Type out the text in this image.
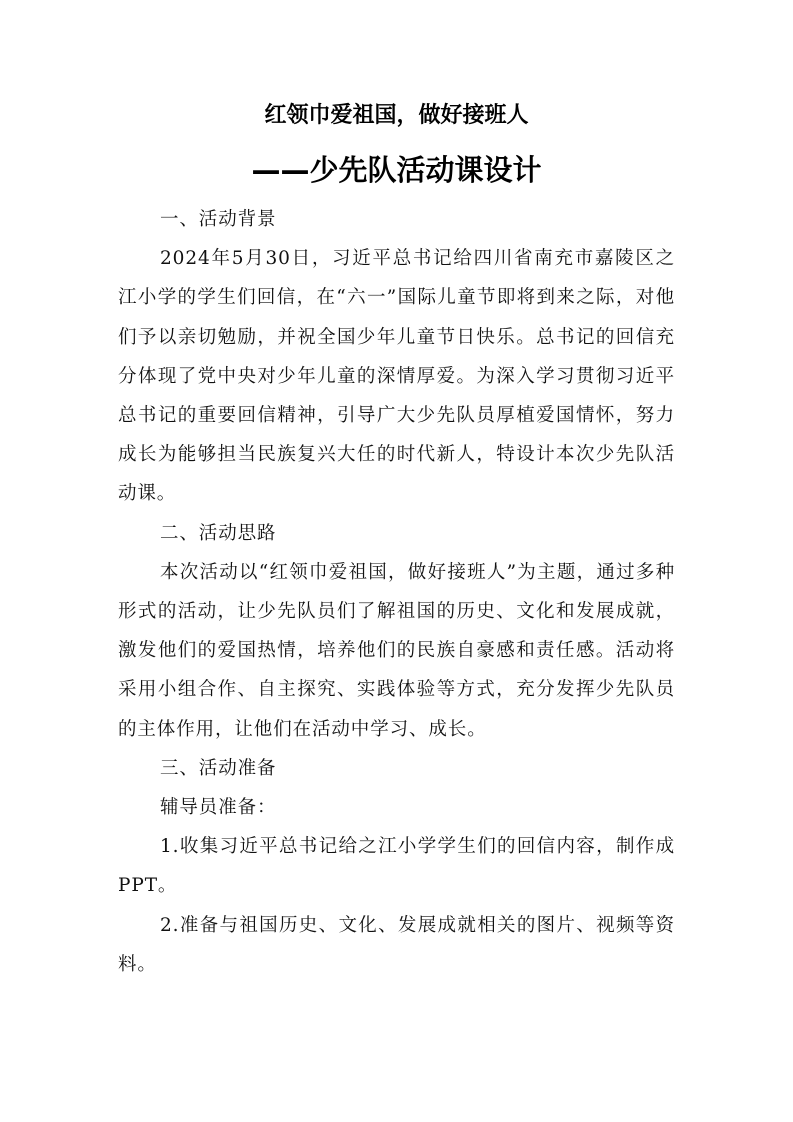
红领巾爱祖国，做好接班人
——少先队活动课设计

一、活动背景

2024年5月30日，习近平总书记给四川省南充市嘉陵区之江小学的学生们回信，在“六一”国际儿童节即将到来之际，对他们予以亲切勉励，并祝全国少年儿童节日快乐。总书记的回信充分体现了党中央对少年儿童的深情厚爱。为深入学习贯彻习近平总书记的重要回信精神，引导广大少先队员厚植爱国情怀，努力成长为能够担当民族复兴大任的时代新人，特设计本次少先队活动课。

二、活动思路

本次活动以“红领巾爱祖国，做好接班人”为主题，通过多种形式的活动，让少先队员们了解祖国的历史、文化和发展成就，激发他们的爱国热情，培养他们的民族自豪感和责任感。活动将采用小组合作、自主探究、实践体验等方式，充分发挥少先队员的主体作用，让他们在活动中学习、成长。

三、活动准备

辅导员准备：

1.收集习近平总书记给之江小学学生们的回信内容，制作成PPT。

2.准备与祖国历史、文化、发展成就相关的图片、视频等资料。
